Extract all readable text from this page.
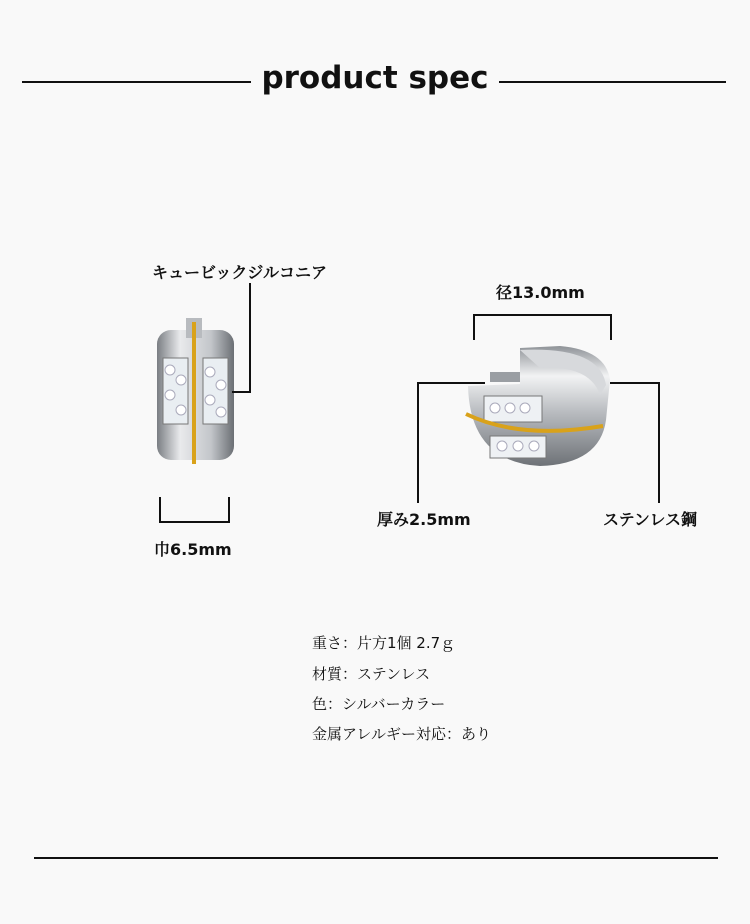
product spec
キュービックジルコニア
径13.0mm
厚み2.5mm	ステンレス鋼
巾6.5mm
重さ：片方1個 2.7ｇ
材質：ステンレス
色：シルバーカラー
金属アレルギー対応：あり
